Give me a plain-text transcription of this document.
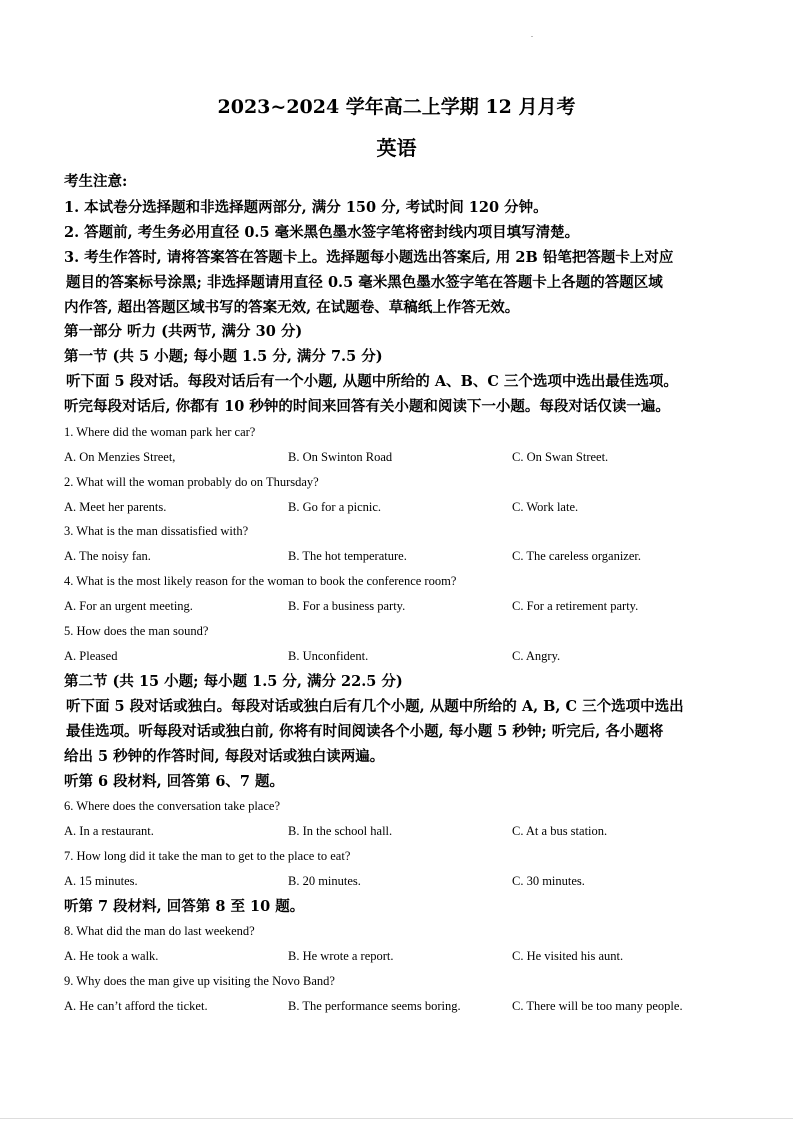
2023~2024 学年高二上学期 12 月月考
英语
考生注意:
1. 本试卷分选择题和非选择题两部分, 满分 150 分, 考试时间 120 分钟。
2. 答题前, 考生务必用直径 0.5 毫米黑色墨水签字笔将密封线内项目填写清楚。
3. 考生作答时, 请将答案答在答题卡上。选择题每小题选出答案后, 用 2B 铅笔把答题卡上对应
题目的答案标号涂黑; 非选择题请用直径 0.5 毫米黑色墨水签字笔在答题卡上各题的答题区域
内作答, 超出答题区域书写的答案无效, 在试题卷、草稿纸上作答无效。
第一部分 听力 (共两节, 满分 30 分)
第一节 (共 5 小题; 每小题 1.5 分, 满分 7.5 分)
听下面 5 段对话。每段对话后有一个小题, 从题中所给的 A、B、C 三个选项中选出最佳选项。
听完每段对话后, 你都有 10 秒钟的时间来回答有关小题和阅读下一小题。每段对话仅读一遍。
1. Where did the woman park her car?
A. On Menzies Street,	B. On Swinton Road	C. On Swan Street.
2. What will the woman probably do on Thursday?
A. Meet her parents.	B. Go for a picnic.	C. Work late.
3. What is the man dissatisfied with?
A. The noisy fan.	B. The hot temperature.	C. The careless organizer.
4. What is the most likely reason for the woman to book the conference room?
A. For an urgent meeting.	B. For a business party.	C. For a retirement party.
5. How does the man sound?
A. Pleased	B. Unconfident.	C. Angry.
第二节 (共 15 小题; 每小题 1.5 分, 满分 22.5 分)
听下面 5 段对话或独白。每段对话或独白后有几个小题, 从题中所给的 A, B, C 三个选项中选出
最佳选项。听每段对话或独白前, 你将有时间阅读各个小题, 每小题 5 秒钟; 听完后, 各小题将
给出 5 秒钟的作答时间, 每段对话或独白读两遍。
听第 6 段材料, 回答第 6、7 题。
6. Where does the conversation take place?
A. In a restaurant.	B. In the school hall.	C. At a bus station.
7. How long did it take the man to get to the place to eat?
A. 15 minutes.	B. 20 minutes.	C. 30 minutes.
听第 7 段材料, 回答第 8 至 10 题。
8. What did the man do last weekend?
A. He took a walk.	B. He wrote a report.	C. He visited his aunt.
9. Why does the man give up visiting the Novo Band?
A. He can’t afford the ticket.	B. The performance seems boring.	C. There will be too many people.
